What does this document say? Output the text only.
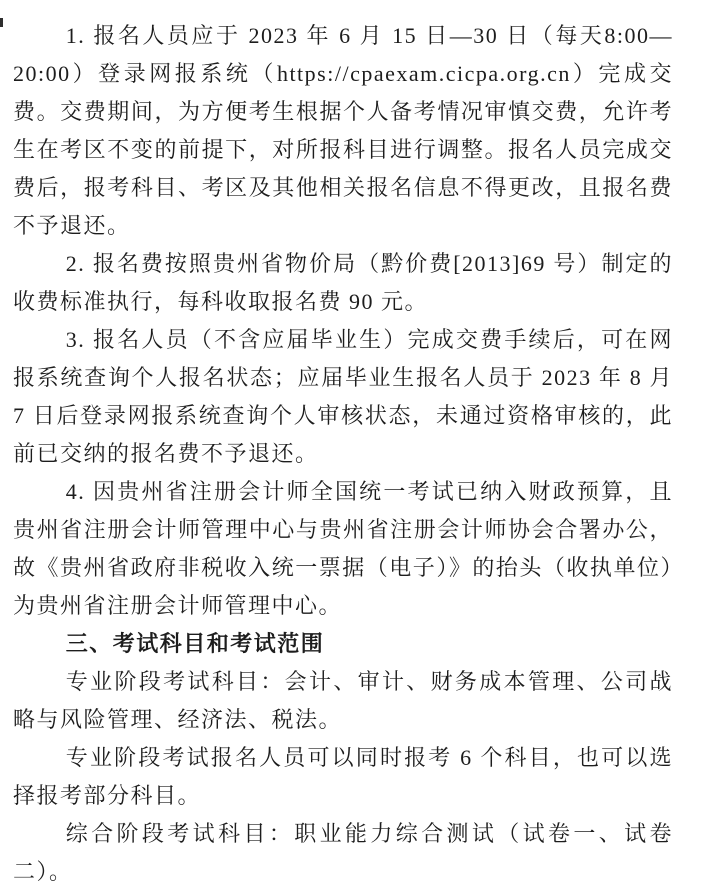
1. 报名人员应于 2023 年 6 月 15 日—30 日（每天8:00—20:00）登录网报系统（https://cpaexam.cicpa.org.cn）完成交费。交费期间，为方便考生根据个人备考情况审慎交费，允许考生在考区不变的前提下，对所报科目进行调整。报名人员完成交费后，报考科目、考区及其他相关报名信息不得更改，且报名费不予退还。

2. 报名费按照贵州省物价局（黔价费[2013]69 号）制定的收费标准执行，每科收取报名费 90 元。

3. 报名人员（不含应届毕业生）完成交费手续后，可在网报系统查询个人报名状态；应届毕业生报名人员于 2023 年 8 月 7 日后登录网报系统查询个人审核状态，未通过资格审核的，此前已交纳的报名费不予退还。

4. 因贵州省注册会计师全国统一考试已纳入财政预算，且贵州省注册会计师管理中心与贵州省注册会计师协会合署办公，故《贵州省政府非税收入统一票据（电子）》的抬头（收执单位）为贵州省注册会计师管理中心。

三、考试科目和考试范围

专业阶段考试科目：会计、审计、财务成本管理、公司战略与风险管理、经济法、税法。

专业阶段考试报名人员可以同时报考 6 个科目，也可以选择报考部分科目。

综合阶段考试科目：职业能力综合测试（试卷一、试卷二）。
